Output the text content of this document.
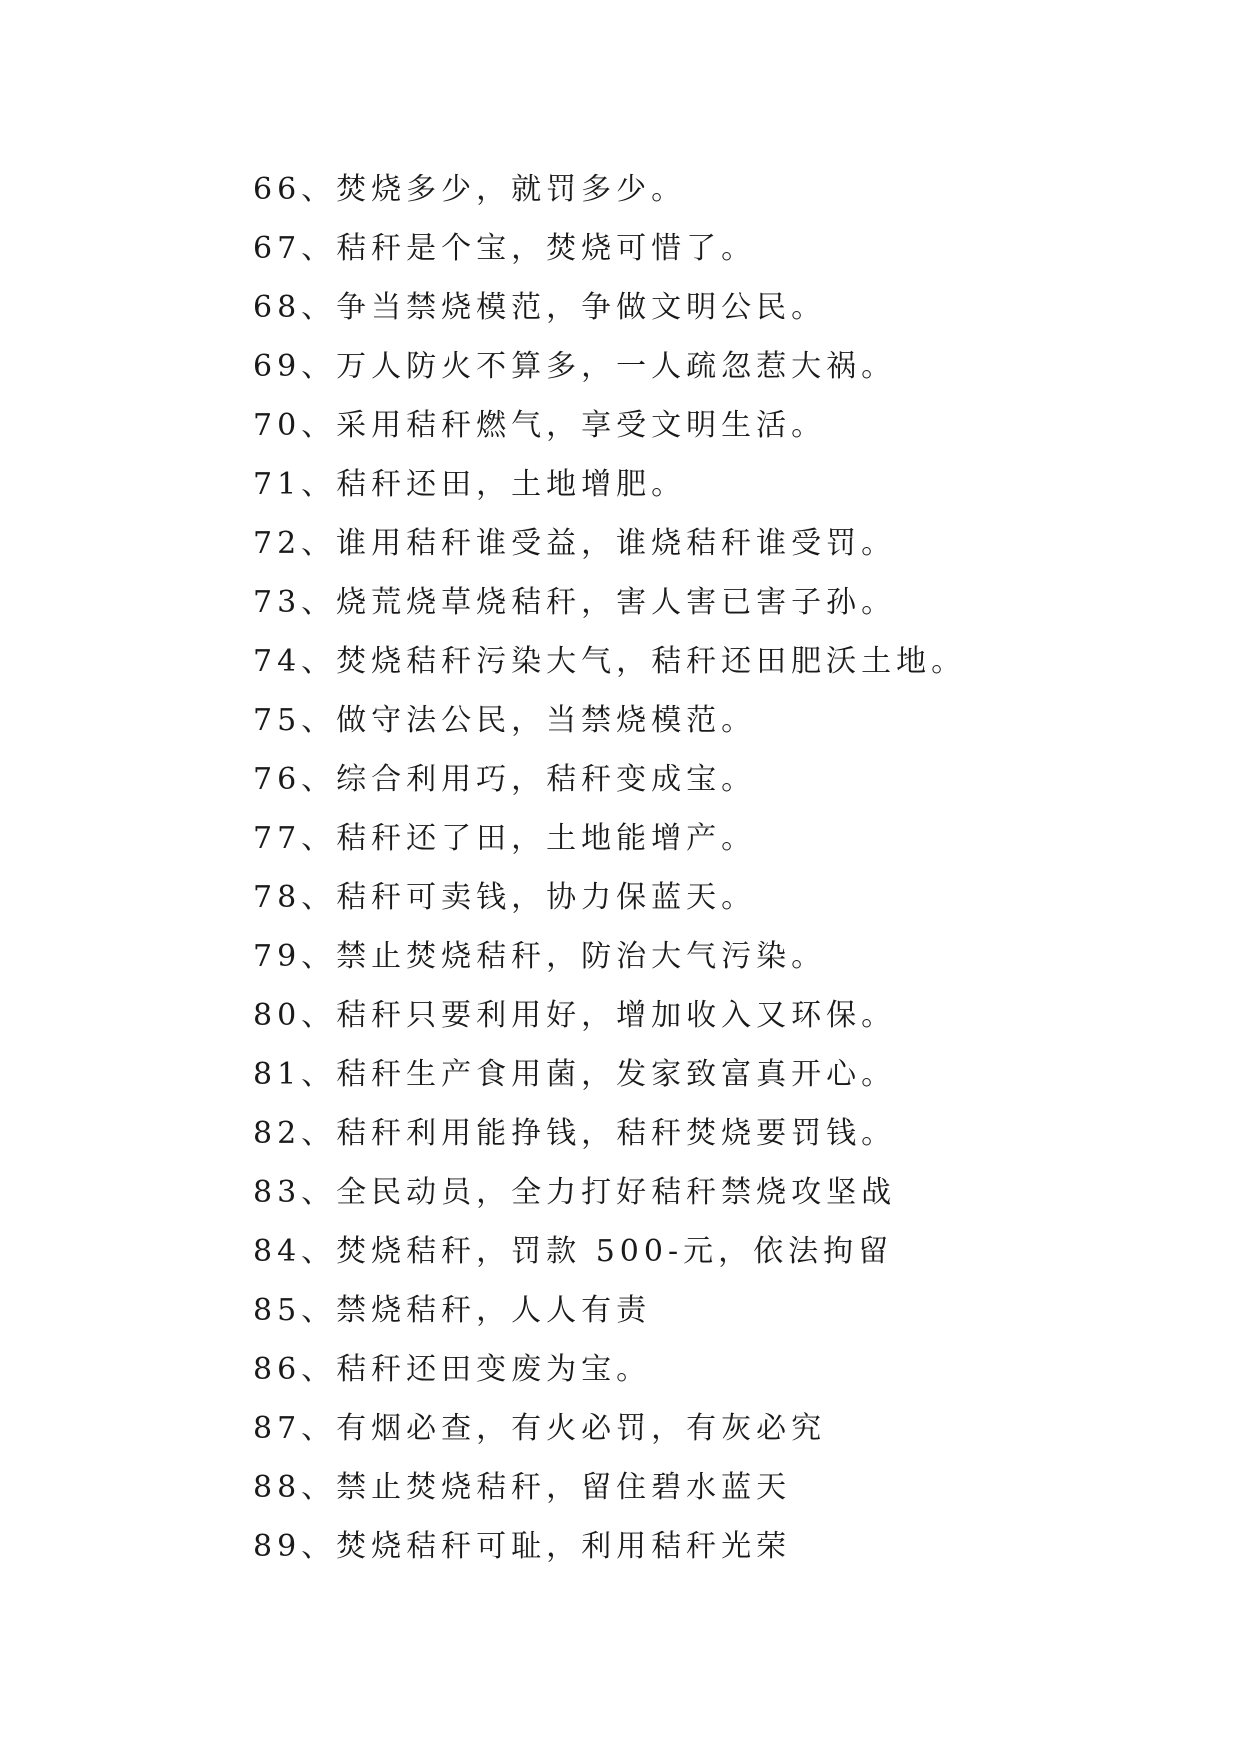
66、焚烧多少，就罚多少。
67、秸秆是个宝，焚烧可惜了。
68、争当禁烧模范，争做文明公民。
69、万人防火不算多，一人疏忽惹大祸。
70、采用秸秆燃气，享受文明生活。
71、秸秆还田，土地增肥。
72、谁用秸秆谁受益，谁烧秸秆谁受罚。
73、烧荒烧草烧秸秆，害人害已害子孙。
74、焚烧秸秆污染大气，秸秆还田肥沃土地。
75、做守法公民，当禁烧模范。
76、综合利用巧，秸秆变成宝。
77、秸秆还了田，土地能增产。
78、秸秆可卖钱，协力保蓝天。
79、禁止焚烧秸秆，防治大气污染。
80、秸秆只要利用好，增加收入又环保。
81、秸秆生产食用菌，发家致富真开心。
82、秸秆利用能挣钱，秸秆焚烧要罚钱。
83、全民动员，全力打好秸秆禁烧攻坚战
84、焚烧秸秆，罚款 500-元，依法拘留
85、禁烧秸秆，人人有责
86、秸秆还田变废为宝。
87、有烟必查，有火必罚，有灰必究
88、禁止焚烧秸秆，留住碧水蓝天
89、焚烧秸秆可耻，利用秸秆光荣
